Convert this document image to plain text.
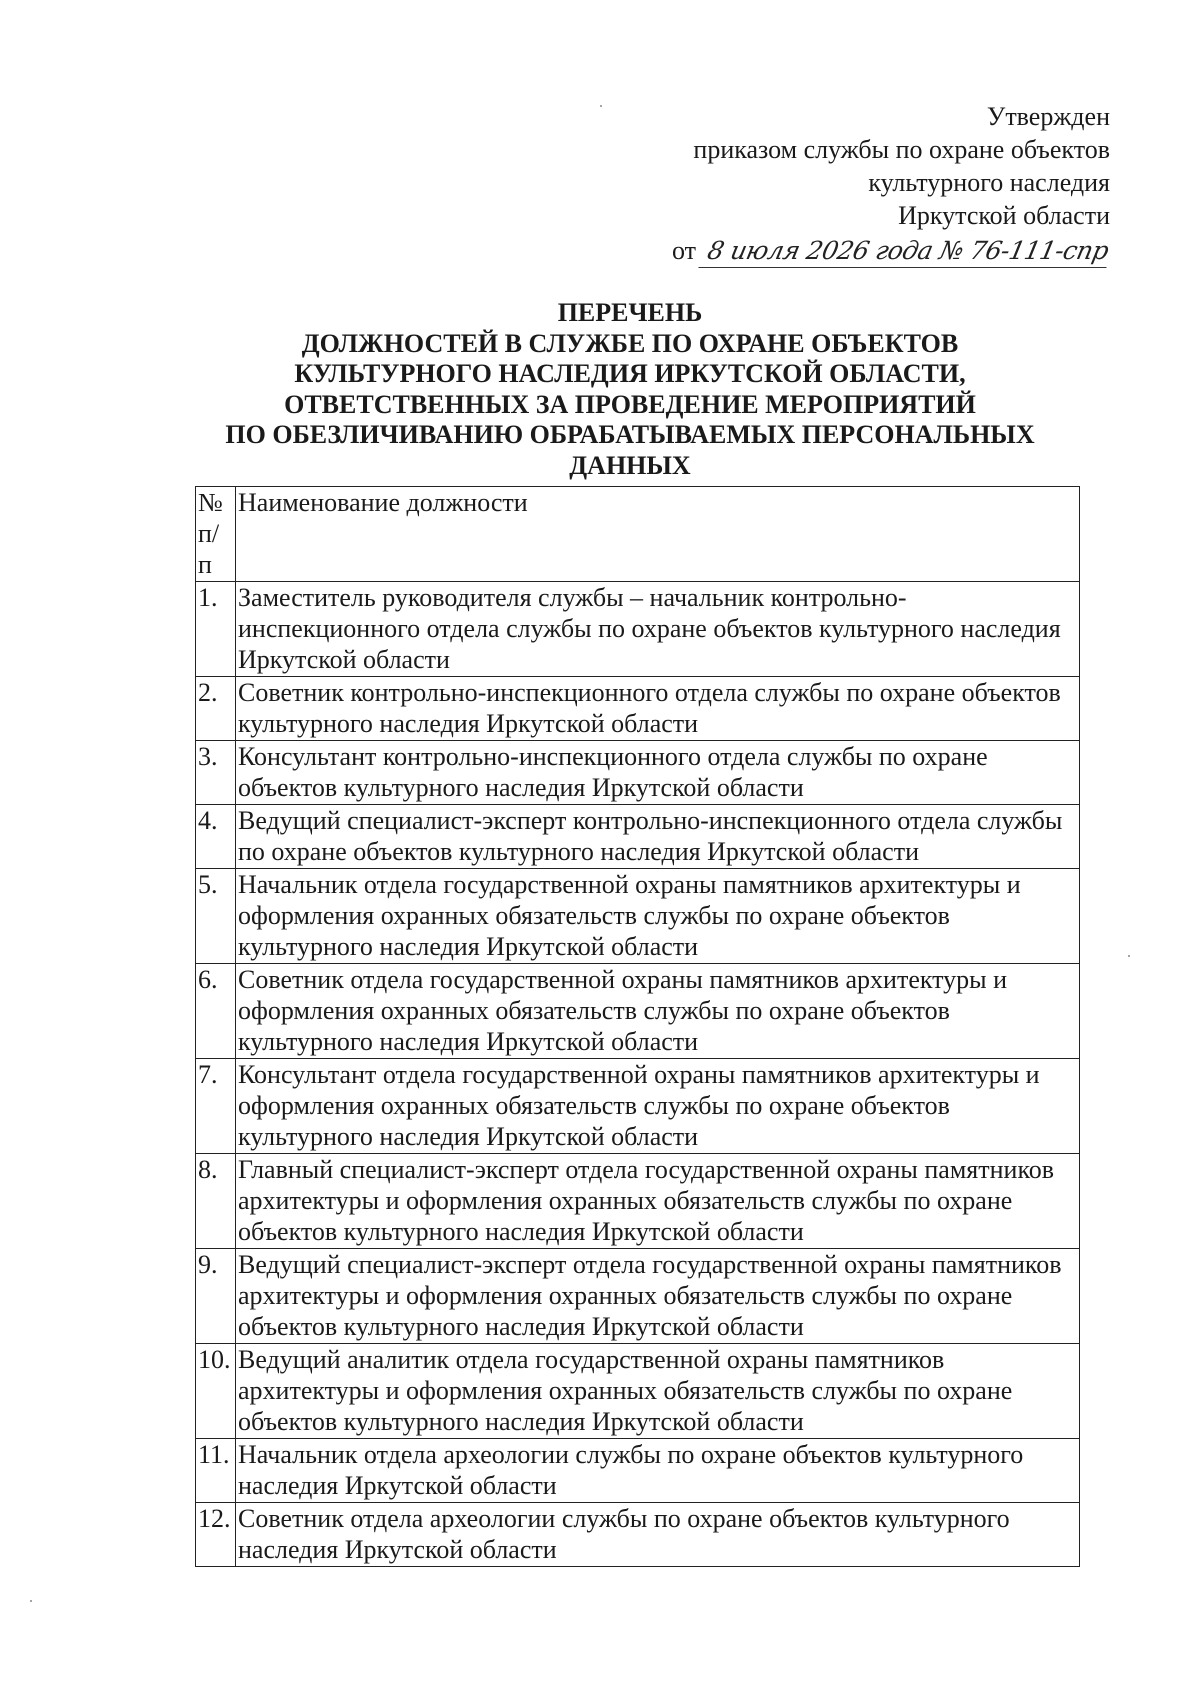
Утвержден
приказом службы по охране объектов
культурного наследия
Иркутской области
от 8 июля 2026 года № 76-111-спр
ПЕРЕЧЕНЬ
ДОЛЖНОСТЕЙ В СЛУЖБЕ ПО ОХРАНЕ ОБЪЕКТОВ
КУЛЬТУРНОГО НАСЛЕДИЯ ИРКУТСКОЙ ОБЛАСТИ,
ОТВЕТСТВЕННЫХ ЗА ПРОВЕДЕНИЕ МЕРОПРИЯТИЙ
ПО ОБЕЗЛИЧИВАНИЮ ОБРАБАТЫВАЕМЫХ ПЕРСОНАЛЬНЫХ
ДАННЫХ
№ п/п	Наименование должности
1.	Заместитель руководителя службы – начальник контрольно-инспекционного отдела службы по охране объектов культурного наследия Иркутской области
2.	Советник контрольно-инспекционного отдела службы по охране объектов культурного наследия Иркутской области
3.	Консультант контрольно-инспекционного отдела службы по охране объектов культурного наследия Иркутской области
4.	Ведущий специалист-эксперт контрольно-инспекционного отдела службы по охране объектов культурного наследия Иркутской области
5.	Начальник отдела государственной охраны памятников архитектуры и оформления охранных обязательств службы по охране объектов культурного наследия Иркутской области
6.	Советник отдела государственной охраны памятников архитектуры и оформления охранных обязательств службы по охране объектов культурного наследия Иркутской области
7.	Консультант отдела государственной охраны памятников архитектуры и оформления охранных обязательств службы по охране объектов культурного наследия Иркутской области
8.	Главный специалист-эксперт отдела государственной охраны памятников архитектуры и оформления охранных обязательств службы по охране объектов культурного наследия Иркутской области
9.	Ведущий специалист-эксперт отдела государственной охраны памятников архитектуры и оформления охранных обязательств службы по охране объектов культурного наследия Иркутской области
10.	Ведущий аналитик отдела государственной охраны памятников архитектуры и оформления охранных обязательств службы по охране объектов культурного наследия Иркутской области
11.	Начальник отдела археологии службы по охране объектов культурного наследия Иркутской области
12.	Советник отдела археологии службы по охране объектов культурного наследия Иркутской области
